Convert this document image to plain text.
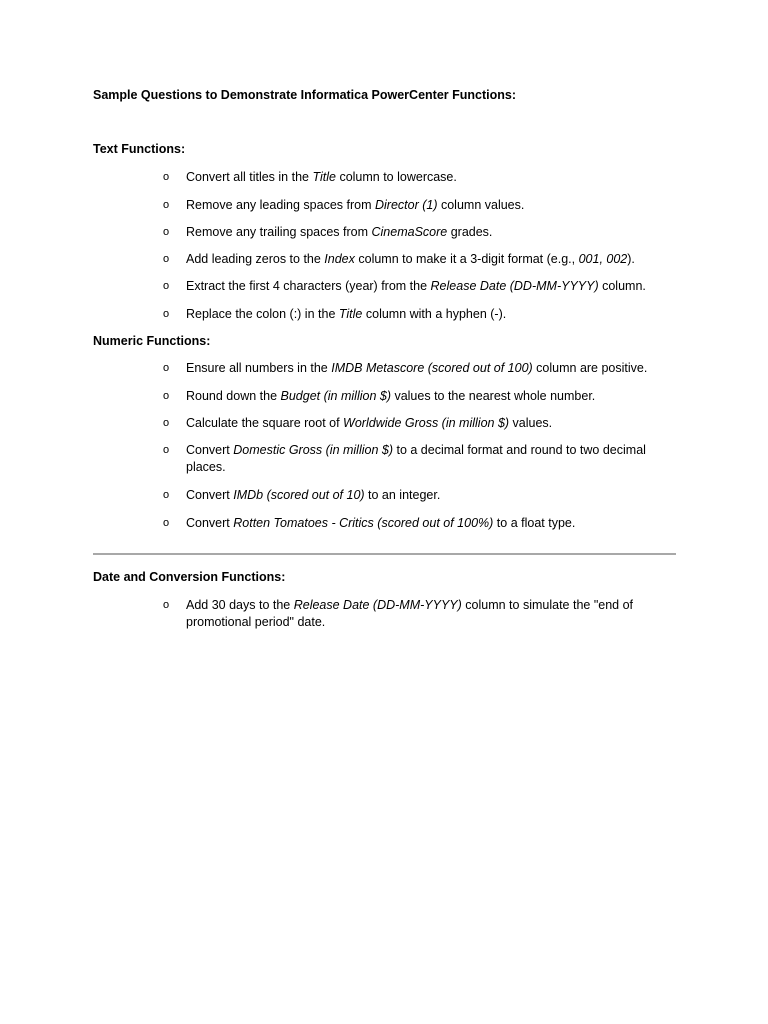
Sample Questions to Demonstrate Informatica PowerCenter Functions:
Text Functions:
o Convert all titles in the Title column to lowercase.
o Remove any leading spaces from Director (1) column values.
o Remove any trailing spaces from CinemaScore grades.
o Add leading zeros to the Index column to make it a 3-digit format (e.g., 001, 002).
o Extract the first 4 characters (year) from the Release Date (DD-MM-YYYY) column.
o Replace the colon (:) in the Title column with a hyphen (-).
Numeric Functions:
o Ensure all numbers in the IMDB Metascore (scored out of 100) column are positive.
o Round down the Budget (in million $) values to the nearest whole number.
o Calculate the square root of Worldwide Gross (in million $) values.
o Convert Domestic Gross (in million $) to a decimal format and round to two decimal places.
o Convert IMDb (scored out of 10) to an integer.
o Convert Rotten Tomatoes - Critics (scored out of 100%) to a float type.
Date and Conversion Functions:
o Add 30 days to the Release Date (DD-MM-YYYY) column to simulate the "end of promotional period" date.
